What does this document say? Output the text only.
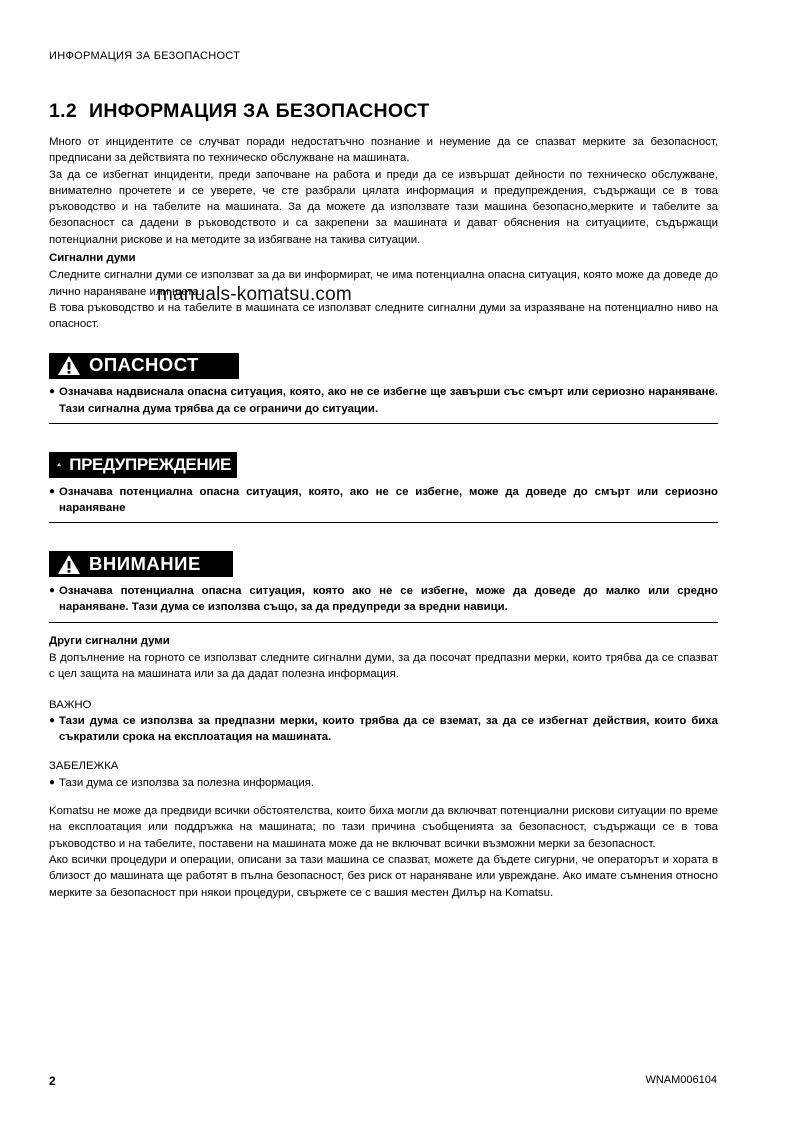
ИНФОРМАЦИЯ ЗА БЕЗОПАСНОСТ
1.2 ИНФОРМАЦИЯ ЗА БЕЗОПАСНОСТ

Много от инцидентите се случват поради недостатъчно познание и неумение да се спазват мерките за безопасност, предписани за действията по техническо обслужване на машината.

За да се избегнат инциденти, преди започване на работа и преди да се извършат дейности по техническо обслужване, внимателно прочетете и се уверете, че сте разбрали цялата информация и предупреждения, съдържащи се в това ръководство и на табелите на машината. За да можете да използвате тази машина безопасно,мерките и табелите за безопасност са дадени в ръководството и са закрепени за машината и дават обяснения на ситуациите, съдържащи потенциални рискове и на методите за избягване на такива ситуации.

Сигнални думи

Следните сигнални думи се използват за да ви информират, че има потенциална опасна ситуация, която може да доведе до лично нараняване или щета.

В това ръководство и на табелите в машината се използват следните сигнални думи за изразяване на потенциално ниво на опасност.

ОПАСНОСТ
● Означава надвиснала опасна ситуация, която, ако не се избегне ще завърши със смърт или сериозно нараняване. Тази сигнална дума трябва да се ограничи до ситуации.
ПРЕДУПРЕЖДЕНИЕ
● Означава потенциална опасна ситуация, която, ако не се избегне, може да доведе до смърт или сериозно нараняване
ВНИМАНИЕ
● Означава потенциална опасна ситуация, която ако не се избегне, може да доведе до малко или средно нараняване. Тази дума се използва също, за да предупреди за вредни навици.
Други сигнални думи

В допълнение на горното се използват следните сигнални думи, за да посочат предпазни мерки, които трябва да се спазват с цел защита на машината или за да дадат полезна информация.

ВАЖНО
● Тази дума се използва за предпазни мерки, които трябва да се вземат, за да се избегнат действия, които биха съкратили срока на експлоатация на машината.
ЗАБЕЛЕЖКА
● Тази дума се използва за полезна информация.

Komatsu не може да предвиди всички обстоятелства, които биха могли да включват потенциални рискови ситуации по време на експлоатация или поддръжка на машината; по тази причина съобщенията за безопасност, съдържащи се в това ръководство и на табелите, поставени на машината може да не включват всички възможни мерки за безопасност.

Ако всички процедури и операции, описани за тази машина се спазват, можете да бъдете сигурни, че операторът и хората в близост до машината ще работят в пълна безопасност, без риск от нараняване или увреждане. Ако имате съмнения относно мерките за безопасност при някои процедури, свържете се с вашия местен Дилър на Komatsu.

manuals-komatsu.com
2	WNAM006104
